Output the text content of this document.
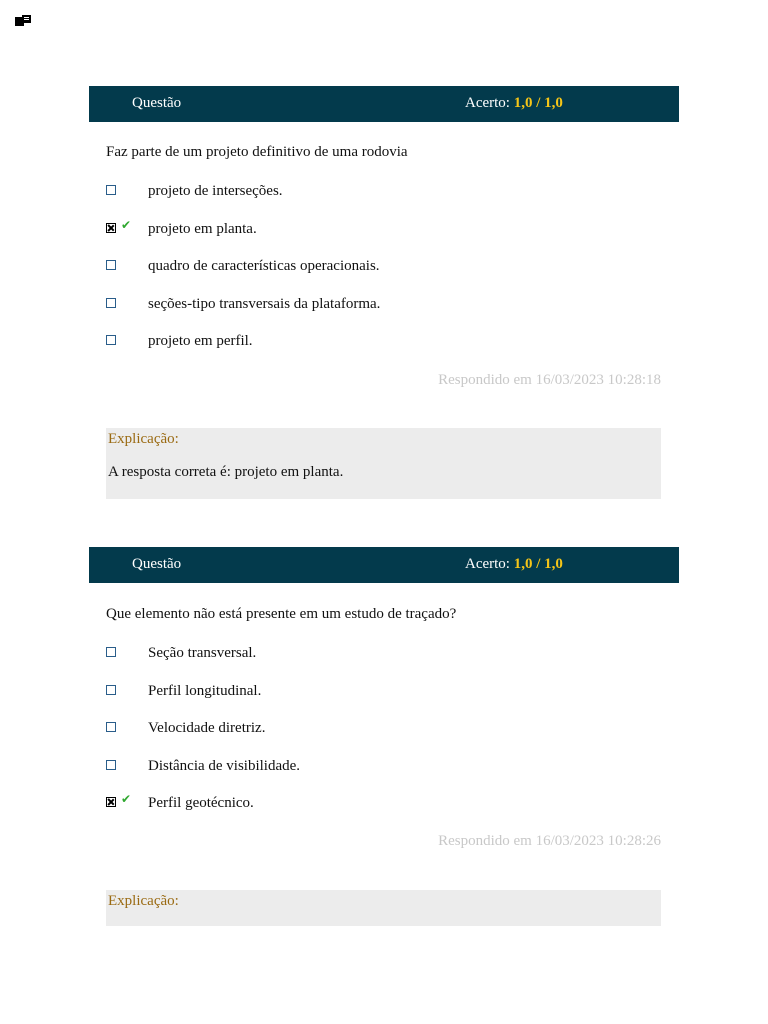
Questão	Acerto: 1,0 / 1,0
Faz parte de um projeto definitivo de uma rodovia
projeto de interseções.
✔ projeto em planta.
quadro de características operacionais.
seções-tipo transversais da plataforma.
projeto em perfil.
Respondido em 16/03/2023 10:28:18
Explicação:
A resposta correta é: projeto em planta.
Questão	Acerto: 1,0 / 1,0
Que elemento não está presente em um estudo de traçado?
Seção transversal.
Perfil longitudinal.
Velocidade diretriz.
Distância de visibilidade.
✔ Perfil geotécnico.
Respondido em 16/03/2023 10:28:26
Explicação:
